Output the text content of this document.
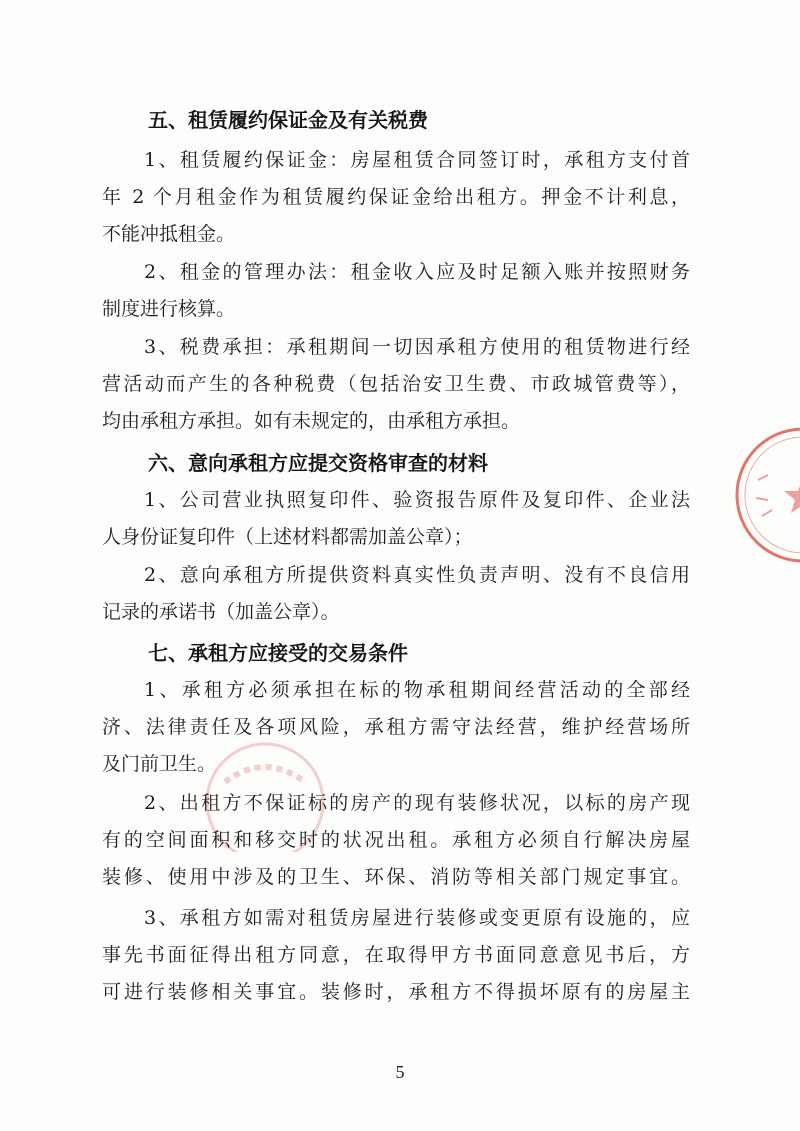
五、租赁履约保证金及有关税费

1、租赁履约保证金：房屋租赁合同签订时，承租方支付首
年 2 个月租金作为租赁履约保证金给出租方。押金不计利息，
不能冲抵租金。

2、租金的管理办法：租金收入应及时足额入账并按照财务
制度进行核算。

3、税费承担：承租期间一切因承租方使用的租赁物进行经
营活动而产生的各种税费（包括治安卫生费、市政城管费等），
均由承租方承担。如有未规定的，由承租方承担。

六、意向承租方应提交资格审查的材料

1、公司营业执照复印件、验资报告原件及复印件、企业法
人身份证复印件（上述材料都需加盖公章）；

2、意向承租方所提供资料真实性负责声明、没有不良信用
记录的承诺书（加盖公章）。

七、承租方应接受的交易条件

1、承租方必须承担在标的物承租期间经营活动的全部经
济、法律责任及各项风险，承租方需守法经营，维护经营场所
及门前卫生。

2、出租方不保证标的房产的现有装修状况，以标的房产现
有的空间面积和移交时的状况出租。承租方必须自行解决房屋
装修、使用中涉及的卫生、环保、消防等相关部门规定事宜。

3、承租方如需对租赁房屋进行装修或变更原有设施的，应
事先书面征得出租方同意，在取得甲方书面同意意见书后，方
可进行装修相关事宜。装修时，承租方不得损坏原有的房屋主

5
